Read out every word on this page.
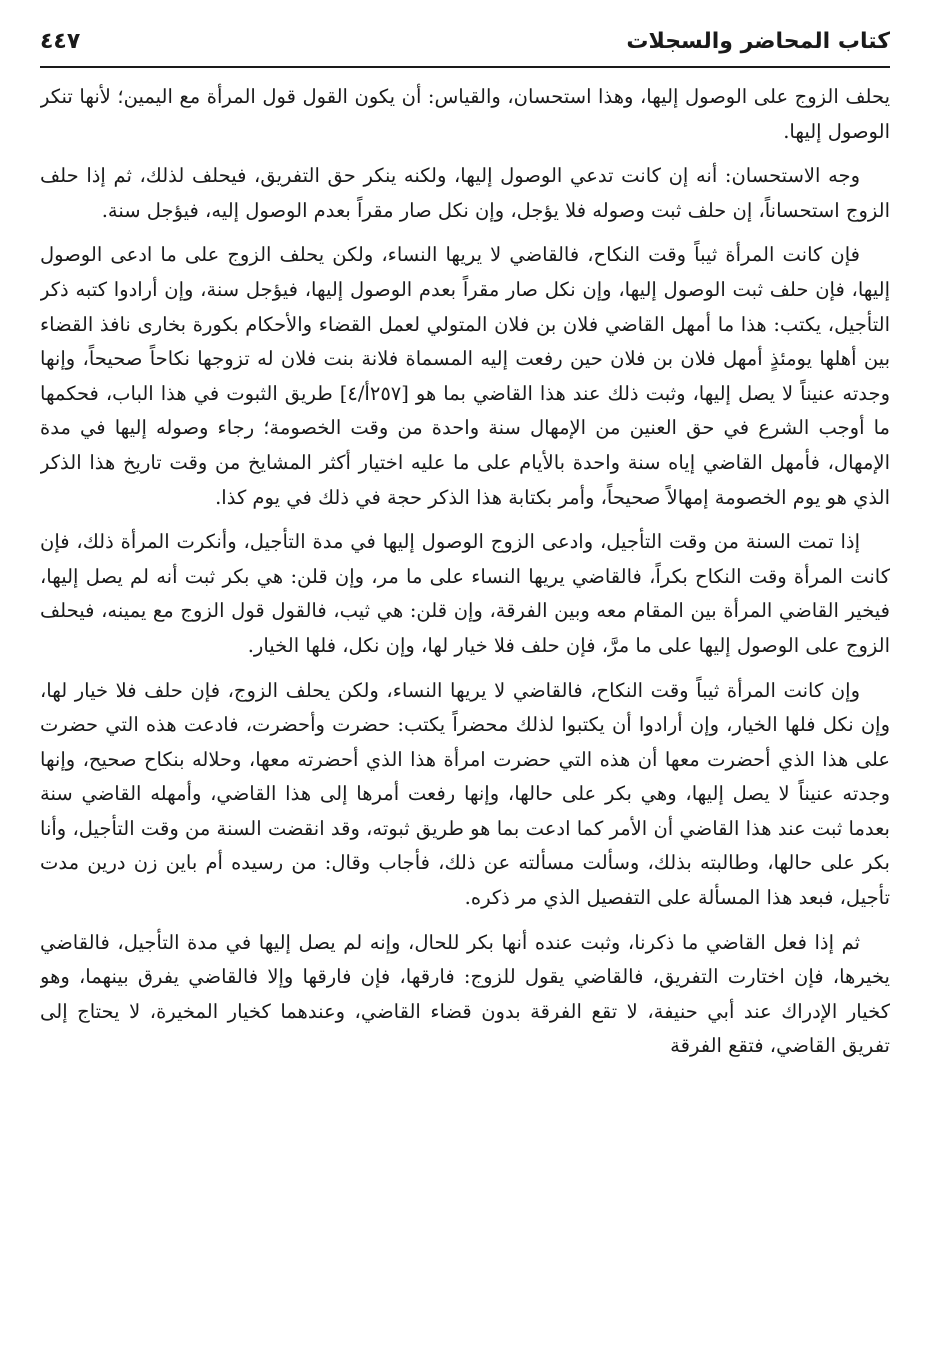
كتاب المحاضر والسجلات
٤٤٧

يحلف الزوج على الوصول إليها، وهذا استحسان، والقياس: أن يكون القول قول المرأة مع اليمين؛ لأنها تنكر الوصول إليها.

وجه الاستحسان: أنه إن كانت تدعي الوصول إليها، ولكنه ينكر حق التفريق، فيحلف لذلك، ثم إذا حلف الزوج استحساناً، إن حلف ثبت وصوله فلا يؤجل، وإن نكل صار مقراً بعدم الوصول إليه، فيؤجل سنة.

فإن كانت المرأة ثيباً وقت النكاح، فالقاضي لا يريها النساء، ولكن يحلف الزوج على ما ادعى الوصول إليها، فإن حلف ثبت الوصول إليها، وإن نكل صار مقراً بعدم الوصول إليها، فيؤجل سنة، وإن أرادوا كتبه ذكر التأجيل، يكتب: هذا ما أمهل القاضي فلان بن فلان المتولي لعمل القضاء والأحكام بكورة بخارى نافذ القضاء بين أهلها يومئذٍ أمهل فلان بن فلان حين رفعت إليه المسماة فلانة بنت فلان له تزوجها نكاحاً صحيحاً، وإنها وجدته عنيناً لا يصل إليها، وثبت ذلك عند هذا القاضي بما هو [٢٥٧أ/٤] طريق الثبوت في هذا الباب، فحكمها ما أوجب الشرع في حق العنين من الإمهال سنة واحدة من وقت الخصومة؛ رجاء وصوله إليها في مدة الإمهال، فأمهل القاضي إياه سنة واحدة بالأيام على ما عليه اختيار أكثر المشايخ من وقت تاريخ هذا الذكر الذي هو يوم الخصومة إمهالاً صحيحاً، وأمر بكتابة هذا الذكر حجة في ذلك في يوم كذا.

إذا تمت السنة من وقت التأجيل، وادعى الزوج الوصول إليها في مدة التأجيل، وأنكرت المرأة ذلك، فإن كانت المرأة وقت النكاح بكراً، فالقاضي يريها النساء على ما مر، وإن قلن: هي بكر ثبت أنه لم يصل إليها، فيخير القاضي المرأة بين المقام معه وبين الفرقة، وإن قلن: هي ثيب، فالقول قول الزوج مع يمينه، فيحلف الزوج على الوصول إليها على ما مرَّ، فإن حلف فلا خيار لها، وإن نكل، فلها الخيار.

وإن كانت المرأة ثيباً وقت النكاح، فالقاضي لا يريها النساء، ولكن يحلف الزوج، فإن حلف فلا خيار لها، وإن نكل فلها الخيار، وإن أرادوا أن يكتبوا لذلك محضراً يكتب: حضرت وأحضرت، فادعت هذه التي حضرت على هذا الذي أحضرت معها أن هذه التي حضرت امرأة هذا الذي أحضرته معها، وحلاله بنكاح صحيح، وإنها وجدته عنيناً لا يصل إليها، وهي بكر على حالها، وإنها رفعت أمرها إلى هذا القاضي، وأمهله القاضي سنة بعدما ثبت عند هذا القاضي أن الأمر كما ادعت بما هو طريق ثبوته، وقد انقضت السنة من وقت التأجيل، وأنا بكر على حالها، وطالبته بذلك، وسألت مسألته عن ذلك، فأجاب وقال: من رسيده أم باين زن درين مدت تأجيل، فبعد هذا المسألة على التفصيل الذي مر ذكره.

ثم إذا فعل القاضي ما ذكرنا، وثبت عنده أنها بكر للحال، وإنه لم يصل إليها في مدة التأجيل، فالقاضي يخيرها، فإن اختارت التفريق، فالقاضي يقول للزوج: فارقها، فإن فارقها وإلا فالقاضي يفرق بينهما، وهو كخيار الإدراك عند أبي حنيفة، لا تقع الفرقة بدون قضاء القاضي، وعندهما كخيار المخيرة، لا يحتاج إلى تفريق القاضي، فتقع الفرقة
